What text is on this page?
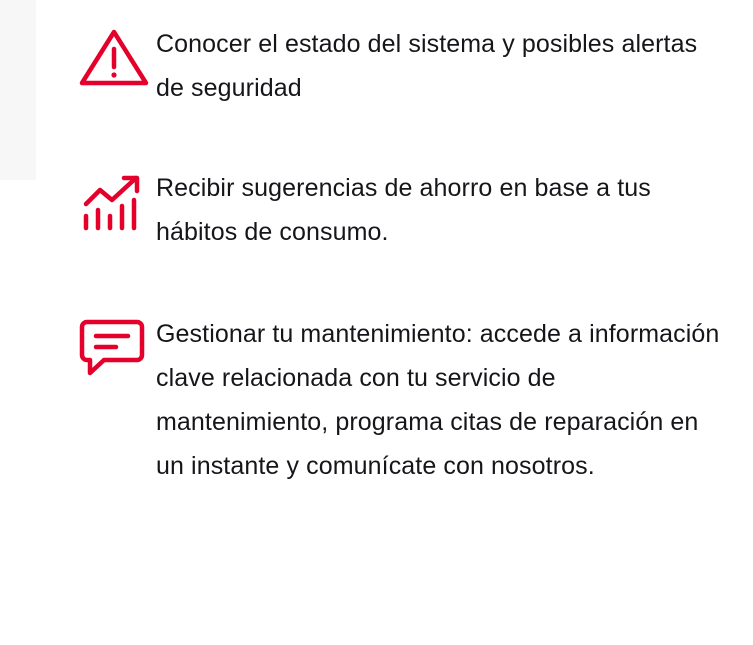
Conocer el estado del sistema y posibles alertas de seguridad
Recibir sugerencias de ahorro en base a tus hábitos de consumo.
Gestionar tu mantenimiento: accede a información clave relacionada con tu servicio de mantenimiento, programa citas de reparación en un instante y comunícate con nosotros.
